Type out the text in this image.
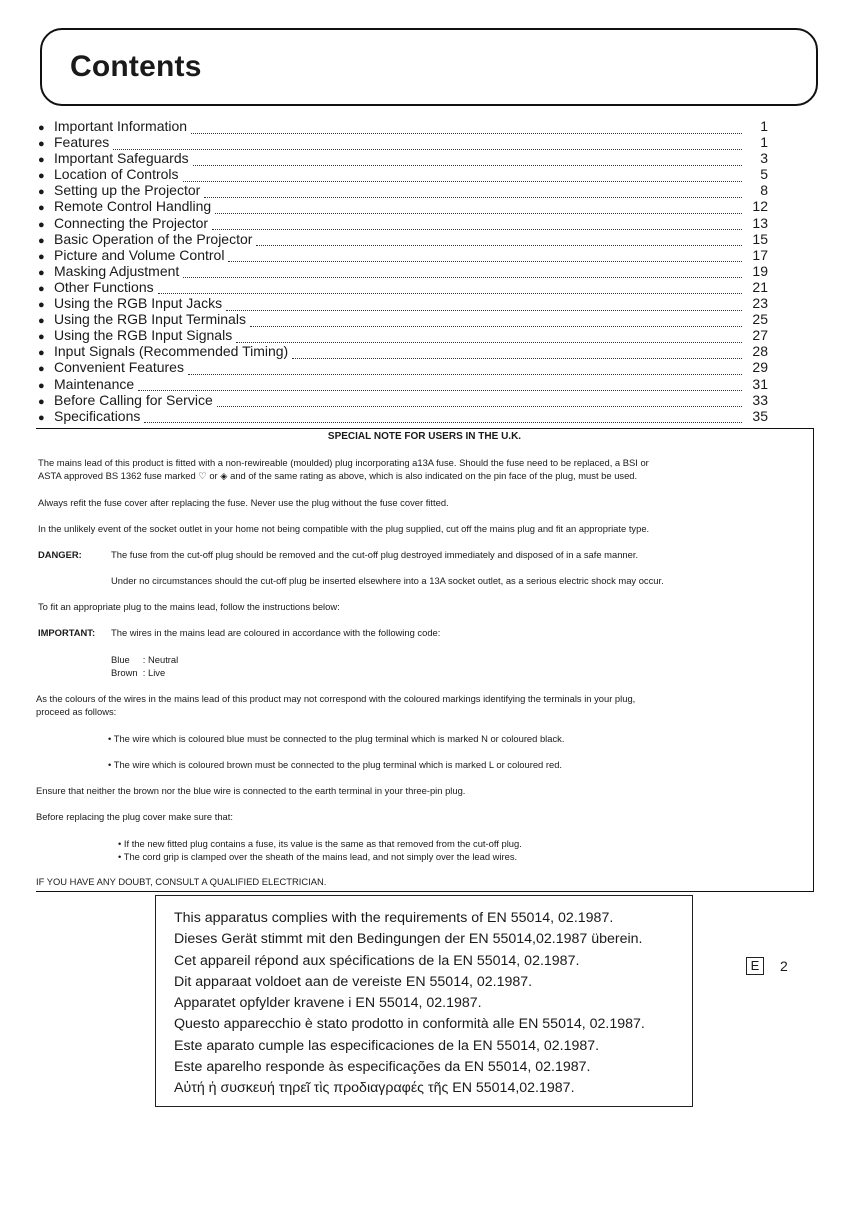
Contents
● Important Information	1
● Features	1
● Important Safeguards	3
● Location of Controls	5
● Setting up the Projector	8
● Remote Control Handling	12
● Connecting the Projector	13
● Basic Operation of the Projector	15
● Picture and Volume Control	17
● Masking Adjustment	19
● Other Functions	21
● Using the RGB Input Jacks	23
● Using the RGB Input Terminals	25
● Using the RGB Input Signals	27
● Input Signals (Recommended Timing)	28
● Convenient Features	29
● Maintenance	31
● Before Calling for Service	33
● Specifications	35
SPECIAL NOTE FOR USERS IN THE U.K.

The mains lead of this product is fitted with a non-rewireable (moulded) plug incorporating a13A fuse. Should the fuse need to be replaced, a BSI or

ASTA approved BS 1362 fuse marked ♡ or ◈ and of the same rating as above, which is also indicated on the pin face of the plug, must be used.

Always refit the fuse cover after replacing the fuse. Never use the plug without the fuse cover fitted.

In the unlikely event of the socket outlet in your home not being compatible with the plug supplied, cut off the mains plug and fit an appropriate type.

DANGER:	The fuse from the cut-off plug should be removed and the cut-off plug destroyed immediately and disposed of in a safe manner.

Under no circumstances should the cut-off plug be inserted elsewhere into a 13A socket outlet, as a serious electric shock may occur.

To fit an appropriate plug to the mains lead, follow the instructions below:

IMPORTANT: The wires in the mains lead are coloured in accordance with the following code:

Blue     : Neutral

Brown  : Live

As the colours of the wires in the mains lead of this product may not correspond with the coloured markings identifying the terminals in your plug,

proceed as follows:

• The wire which is coloured blue must be connected to the plug terminal which is marked N or coloured black.

• The wire which is coloured brown must be connected to the plug terminal which is marked L or coloured red.

Ensure that neither the brown nor the blue wire is connected to the earth terminal in your three-pin plug.

Before replacing the plug cover make sure that:

• If the new fitted plug contains a fuse, its value is the same as that removed from the cut-off plug.

• The cord grip is clamped over the sheath of the mains lead, and not simply over the lead wires.

IF YOU HAVE ANY DOUBT, CONSULT A QUALIFIED ELECTRICIAN.

This apparatus complies with the requirements of EN 55014, 02.1987.
Dieses Gerät stimmt mit den Bedingungen der EN 55014,02.1987 überein.
Cet appareil répond aux spécifications de la EN 55014, 02.1987.
Dit apparaat voldoet aan de vereiste EN 55014, 02.1987.
Apparatet opfylder kravene i EN 55014, 02.1987.
Questo apparecchio è stato prodotto in conformità alle EN 55014, 02.1987.
Este aparato cumple las especificaciones de la EN 55014, 02.1987.
Este aparelho responde às especificações da EN 55014, 02.1987.
Αὐτή ἡ συσκευή τηρεῖ τὶς προδιαγραφές τῆς EN 55014,02.1987.
E	2
